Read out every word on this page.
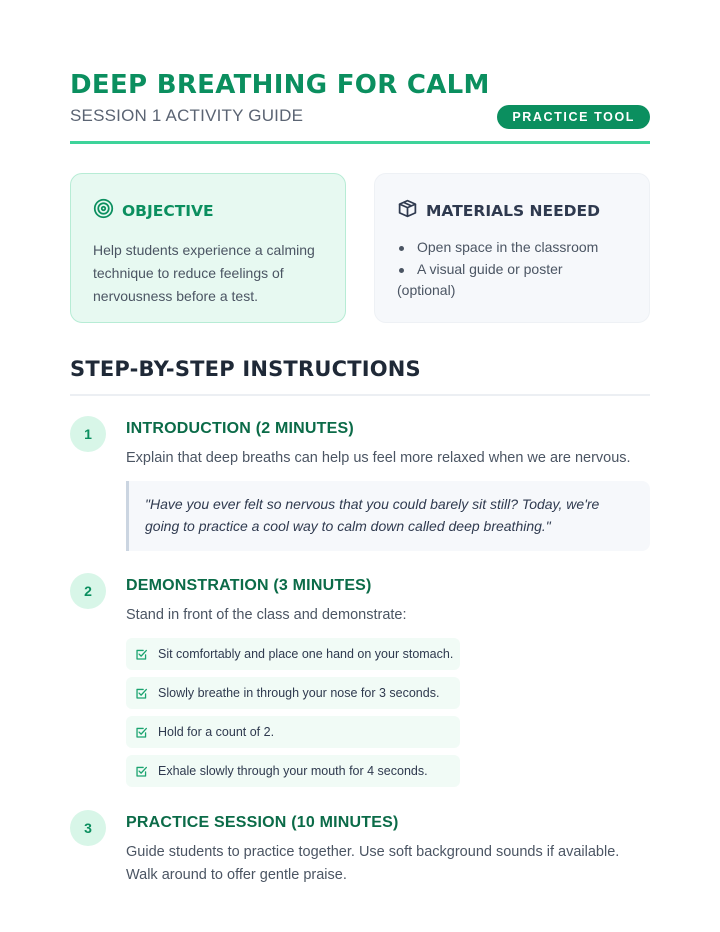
DEEP BREATHING FOR CALM
SESSION 1 ACTIVITY GUIDE	PRACTICE TOOL
OBJECTIVE

Help students experience a calming technique to reduce feelings of nervousness before a test.

MATERIALS NEEDED
Open space in the classroom
A visual guide or poster
(optional)
STEP-BY-STEP INSTRUCTIONS
1	INTRODUCTION (2 MINUTES)

Explain that deep breaths can help us feel more relaxed when we are nervous.

"Have you ever felt so nervous that you could barely sit still? Today, we're going to practice a cool way to calm down called deep breathing."
2	DEMONSTRATION (3 MINUTES)

Stand in front of the class and demonstrate:

Sit comfortably and place one hand on your stomach.
Slowly breathe in through your nose for 3 seconds.
Hold for a count of 2.
Exhale slowly through your mouth for 4 seconds.
3	PRACTICE SESSION (10 MINUTES)

Guide students to practice together. Use soft background sounds if available. Walk around to offer gentle praise.
